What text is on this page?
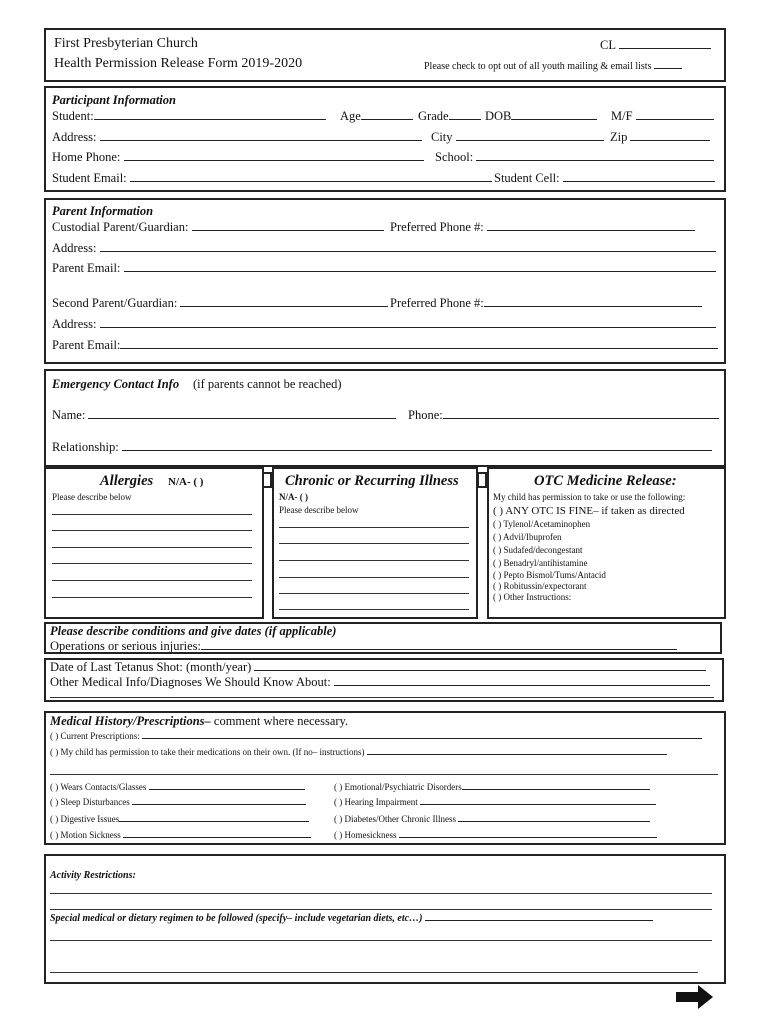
First Presbyterian Church
Health Permission Release Form 2019-2020
CL
Please check to opt out of all youth mailing & email lists
Participant Information
Student:	Age	Grade	DOB	M/F
Address:	City	Zip
Home Phone:	School:
Student Email:	Student Cell:
Parent Information
Custodial Parent/Guardian:	Preferred Phone #:
Address:
Parent Email:
Second Parent/Guardian:	Preferred Phone #:
Address:
Parent Email:
Emergency Contact Info (if parents cannot be reached)
Name:	Phone:
Relationship:
Allergies N/A- ( )
Please describe below
Chronic or Recurring Illness
N/A- ( )
Please describe below
OTC Medicine Release:
My child has permission to take or use the following:
( ) ANY OTC IS FINE– if taken as directed
( ) Tylenol/Acetaminophen
( ) Advil/Ibuprofen
( ) Sudafed/decongestant
( ) Benadryl/antihistamine
( ) Pepto Bismol/Tums/Antacid
( ) Robitussin/expectorant
( ) Other Instructions:
Please describe conditions and give dates (if applicable)
Operations or serious injuries:
Date of Last Tetanus Shot: (month/year)
Other Medical Info/Diagnoses We Should Know About:
Medical History/Prescriptions– comment where necessary.
( ) Current Prescriptions:
( ) My child has permission to take their medications on their own. (If no– instructions)
( ) Wears Contacts/Glasses
( ) Sleep Disturbances
( ) Digestive Issues
( ) Motion Sickness
( ) Emotional/Psychiatric Disorders
( ) Hearing Impairment
( ) Diabetes/Other Chronic Illness
( ) Homesickness
Activity Restrictions:
Special medical or dietary regimen to be followed (specify– include vegetarian diets, etc…)
